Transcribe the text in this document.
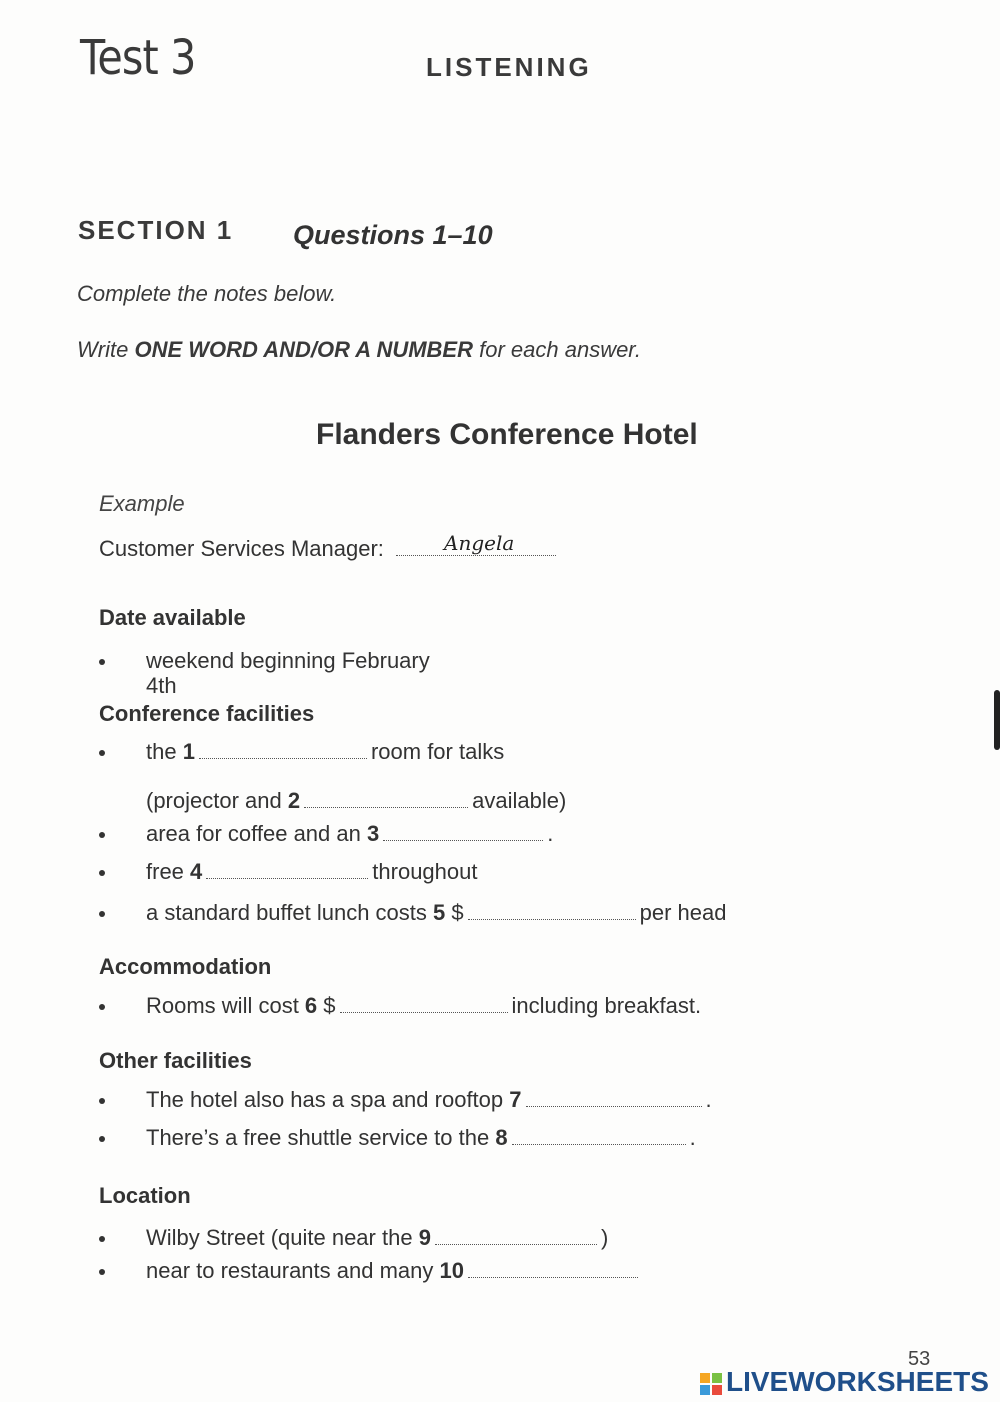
Test 3	LISTENING
SECTION 1 Questions 1–10
Complete the notes below.
Write ONE WORD AND/OR A NUMBER for each answer.
Flanders Conference Hotel
Example
Customer Services Manager:	Angela
Date available
weekend beginning February
4th
Conference facilities
the 1	room for talks
(projector and 2	available)
area for coffee and an 3	.
free 4	throughout
a standard buffet lunch costs 5 $	per head
Accommodation
Rooms will cost 6 $	including breakfast.
Other facilities
The hotel also has a spa and rooftop 7	.
There’s a free shuttle service to the 8	.
Location
Wilby Street (quite near the 9	)
near to restaurants and many 10
53
LIVEWORKSHEETS
